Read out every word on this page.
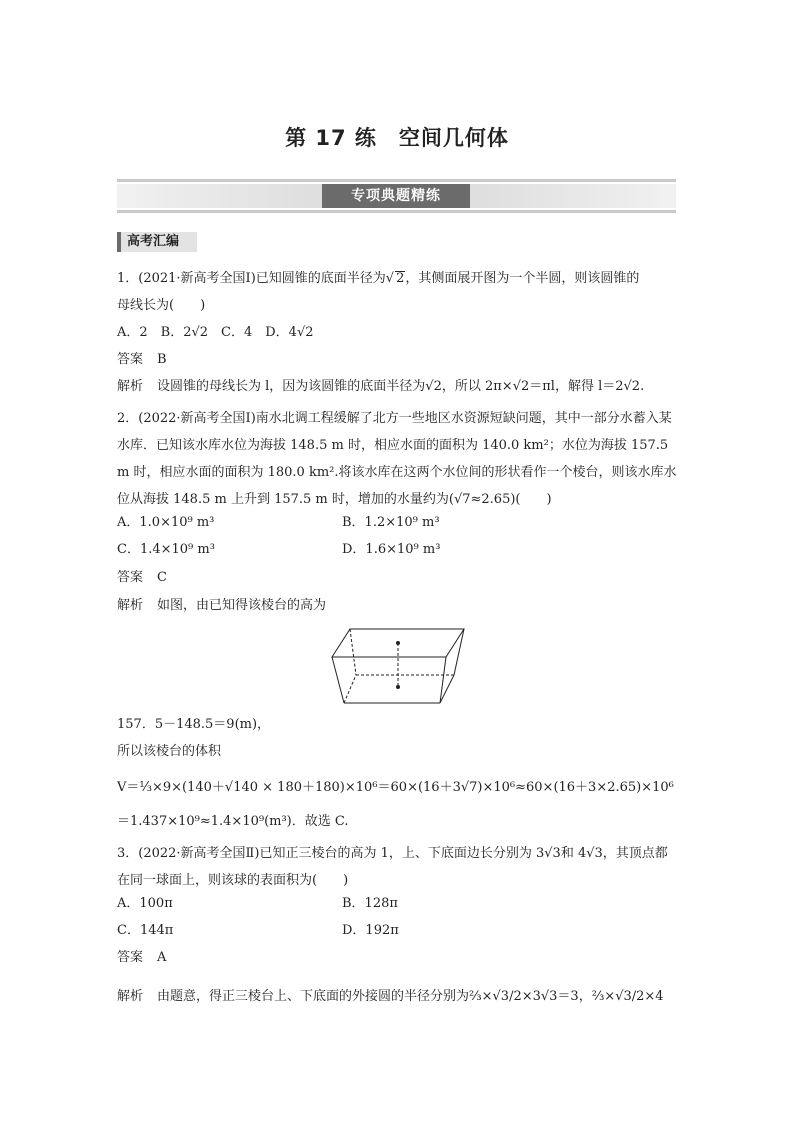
第 17 练　空间几何体
专项典题精练
高考汇编
1．(2021·新高考全国Ⅰ)已知圆锥的底面半径为√ 2，其侧面展开图为一个半圆，则该圆锥的
母线长为(　　)
A．2　B．2√2　C．4　D．4√2
答案 B
解析 设圆锥的母线长为 l，因为该圆锥的底面半径为√2，所以 2π×√2＝πl，解得 l＝2√2.
2．(2022·新高考全国Ⅰ)南水北调工程缓解了北方一些地区水资源短缺问题，其中一部分水蓄入某水库．已知该水库水位为海拔 148.5 m 时，相应水面的面积为 140.0 km²；水位为海拔 157.5 m 时，相应水面的面积为 180.0 km².将该水库在这两个水位间的形状看作一个棱台，则该水库水位从海拔 148.5 m 上升到 157.5 m 时，增加的水量约为(√7≈2.65)(　　)
A．1.0×10⁹ m³	B．1.2×10⁹ m³
C．1.4×10⁹ m³	D．1.6×10⁹ m³
答案 C
解析 如图，由已知得该棱台的高为
157．5－148.5＝9(m)，
所以该棱台的体积
V＝⅓×9×(140＋√140 × 180＋180)×10⁶＝60×(16＋3√7)×10⁶≈60×(16＋3×2.65)×10⁶
＝1.437×10⁹≈1.4×10⁹(m³)．故选 C.
3．(2022·新高考全国Ⅱ)已知正三棱台的高为 1，上、下底面边长分别为 3√3和 4√3，其顶点都在同一球面上，则该球的表面积为(　　)
A．100π	B．128π
C．144π	D．192π
答案 A
解析 由题意，得正三棱台上、下底面的外接圆的半径分别为⅔×√3/2×3√3＝3，⅔×√3/2×4
